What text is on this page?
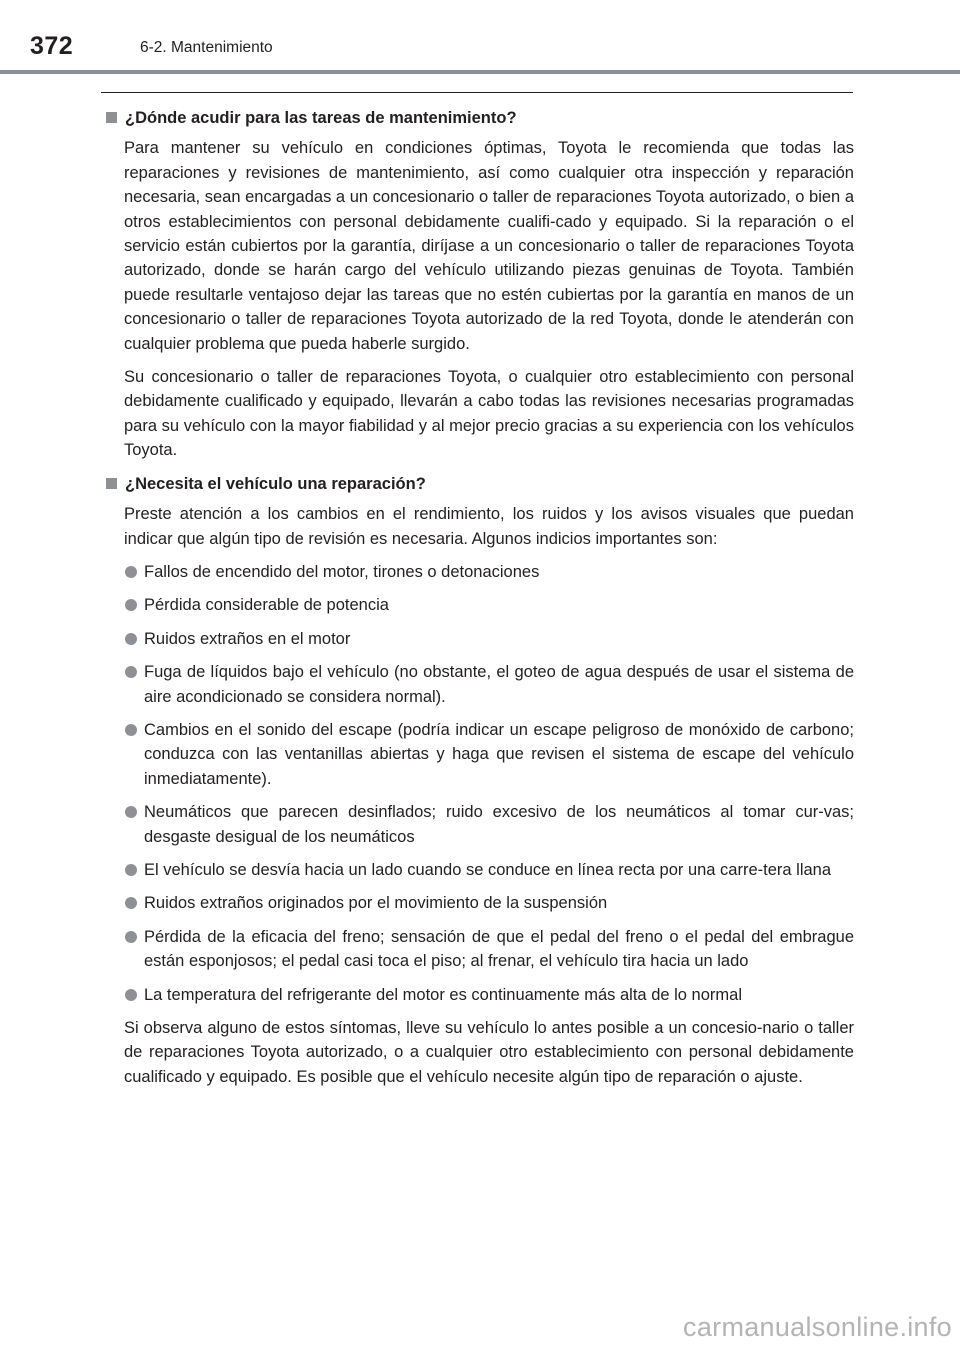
372	6-2. Mantenimiento
¿Dónde acudir para las tareas de mantenimiento?

Para mantener su vehículo en condiciones óptimas, Toyota le recomienda que todas las reparaciones y revisiones de mantenimiento, así como cualquier otra inspección y reparación necesaria, sean encargadas a un concesionario o taller de reparaciones Toyota autorizado, o bien a otros establecimientos con personal debidamente cualifi-cado y equipado. Si la reparación o el servicio están cubiertos por la garantía, diríjase a un concesionario o taller de reparaciones Toyota autorizado, donde se harán cargo del vehículo utilizando piezas genuinas de Toyota. También puede resultarle ventajoso dejar las tareas que no estén cubiertas por la garantía en manos de un concesionario o taller de reparaciones Toyota autorizado de la red Toyota, donde le atenderán con cualquier problema que pueda haberle surgido.

Su concesionario o taller de reparaciones Toyota, o cualquier otro establecimiento con personal debidamente cualificado y equipado, llevarán a cabo todas las revisiones necesarias programadas para su vehículo con la mayor fiabilidad y al mejor precio gracias a su experiencia con los vehículos Toyota.

¿Necesita el vehículo una reparación?

Preste atención a los cambios en el rendimiento, los ruidos y los avisos visuales que puedan indicar que algún tipo de revisión es necesaria. Algunos indicios importantes son:

Fallos de encendido del motor, tirones o detonaciones
Pérdida considerable de potencia
Ruidos extraños en el motor
Fuga de líquidos bajo el vehículo (no obstante, el goteo de agua después de usar el sistema de aire acondicionado se considera normal).
Cambios en el sonido del escape (podría indicar un escape peligroso de monóxido de carbono; conduzca con las ventanillas abiertas y haga que revisen el sistema de escape del vehículo inmediatamente).
Neumáticos que parecen desinflados; ruido excesivo de los neumáticos al tomar cur-vas; desgaste desigual de los neumáticos
El vehículo se desvía hacia un lado cuando se conduce en línea recta por una carre-tera llana
Ruidos extraños originados por el movimiento de la suspensión
Pérdida de la eficacia del freno; sensación de que el pedal del freno o el pedal del embrague están esponjosos; el pedal casi toca el piso; al frenar, el vehículo tira hacia un lado
La temperatura del refrigerante del motor es continuamente más alta de lo normal

Si observa alguno de estos síntomas, lleve su vehículo lo antes posible a un concesio-nario o taller de reparaciones Toyota autorizado, o a cualquier otro establecimiento con personal debidamente cualificado y equipado. Es posible que el vehículo necesite algún tipo de reparación o ajuste.

carmanualsonline.info
